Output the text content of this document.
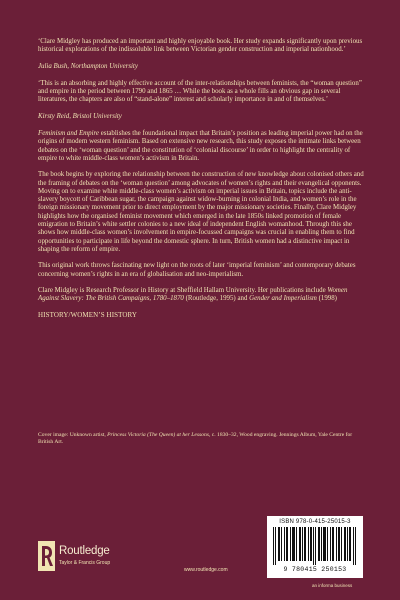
‘Clare Midgley has produced an important and highly enjoyable book. Her study expands significantly upon previous historical explorations of the indissoluble link between Victorian gender construction and imperial nationhood.’

Julia Bush, Northampton University

‘This is an absorbing and highly effective account of the inter-relationships between feminists, the “woman question” and empire in the period between 1790 and 1865 … While the book as a whole fills an obvious gap in several literatures, the chapters are also of “stand-alone” interest and scholarly importance in and of themselves.’

Kirsty Reid, Bristol University

Feminism and Empire establishes the foundational impact that Britain’s position as leading imperial power had on the origins of modern western feminism. Based on extensive new research, this study exposes the intimate links between debates on the ‘woman question’ and the constitution of ‘colonial discourse’ in order to highlight the centrality of empire to white middle-class women’s activism in Britain.

The book begins by exploring the relationship between the construction of new knowledge about colonised others and the framing of debates on the ‘woman question’ among advocates of women’s rights and their evangelical opponents. Moving on to examine white middle-class women’s activism on imperial issues in Britain, topics include the anti-slavery boycott of Caribbean sugar, the campaign against widow-burning in colonial India, and women’s role in the foreign missionary movement prior to direct employment by the major missionary societies. Finally, Clare Midgley highlights how the organised feminist movement which emerged in the late 1850s linked promotion of female emigration to Britain’s white settler colonies to a new ideal of independent English womanhood. Through this she shows how middle-class women’s involvement in empire-focussed campaigns was crucial in enabling them to find opportunities to participate in life beyond the domestic sphere. In turn, British women had a distinctive impact in shaping the reform of empire.

This original work throws fascinating new light on the roots of later ‘imperial feminism’ and contemporary debates concerning women’s rights in an era of globalisation and neo-imperialism.

Clare Midgley is Research Professor in History at Sheffield Hallam University. Her publications include Women Against Slavery: The British Campaigns, 1780–1870 (Routledge, 1995) and Gender and Imperialism (1998)

HISTORY/WOMEN’S HISTORY

Cover image: Unknown artist, Princess Victoria (The Queen) at her Lessons, c. 1830–32, Wood engraving. Jennings Album, Yale Centre for British Art.
ISBN 978-0-415-25015-3
9 780415 250153
Routledge
Taylor & Francis Group
www.routledge.com
an informa business
